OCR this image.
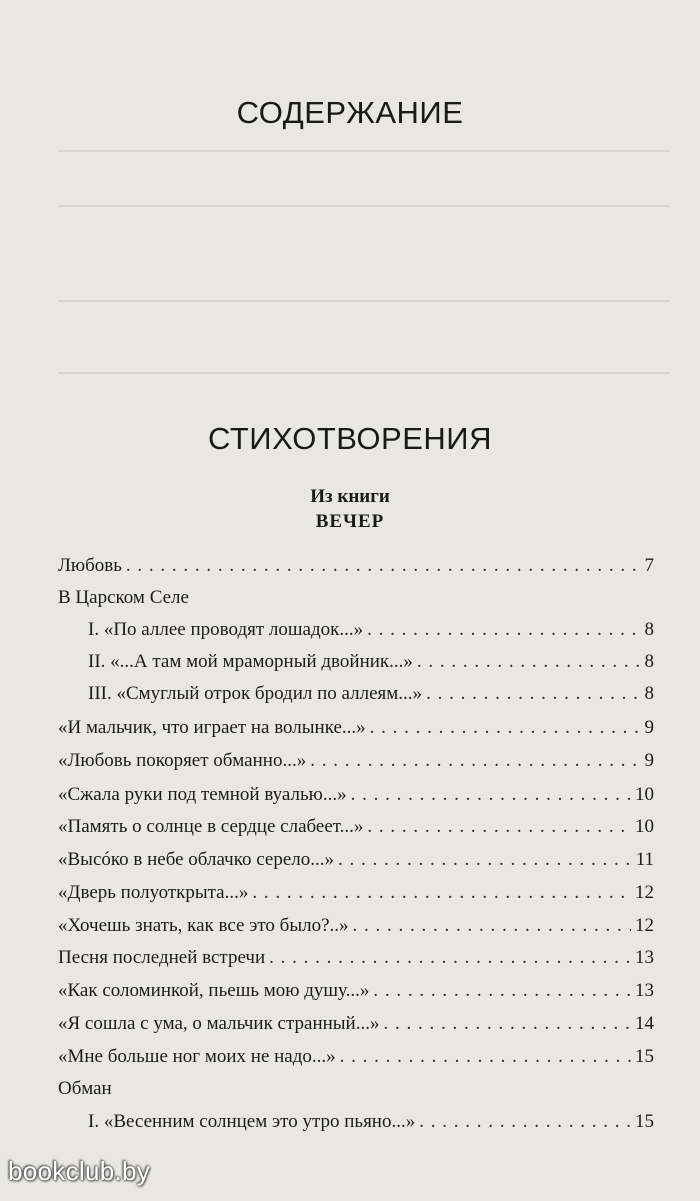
СОДЕРЖАНИЕ
СТИХОТВОРЕНИЯ
Из книги
ВЕЧЕР
Любовь . . .	7
В Царском Селе
I. «По аллее проводят лошадок...» . . .	8
II. «...А там мой мраморный двойник...» . . .	8
III. «Смуглый отрок бродил по аллеям...» . . .	8
«И мальчик, что играет на волынке...» . . .	9
«Любовь покоряет обманно...» . . .	9
«Сжала руки под темной вуалью...» . . .	10
«Память о солнце в сердце слабеет...» . . .	10
«Высóко в небе облачко серело...» . . .	11
«Дверь полуоткрыта...» . . .	12
«Хочешь знать, как все это было?..» . . .	12
Песня последней встречи . . .	13
«Как соломинкой, пьешь мою душу...» . . .	13
«Я сошла с ума, о мальчик странный...» . . .	14
«Мне больше ног моих не надо...» . . .	15
Обман
I. «Весенним солнцем это утро пьяно...» . . .	15
bookclub.by
